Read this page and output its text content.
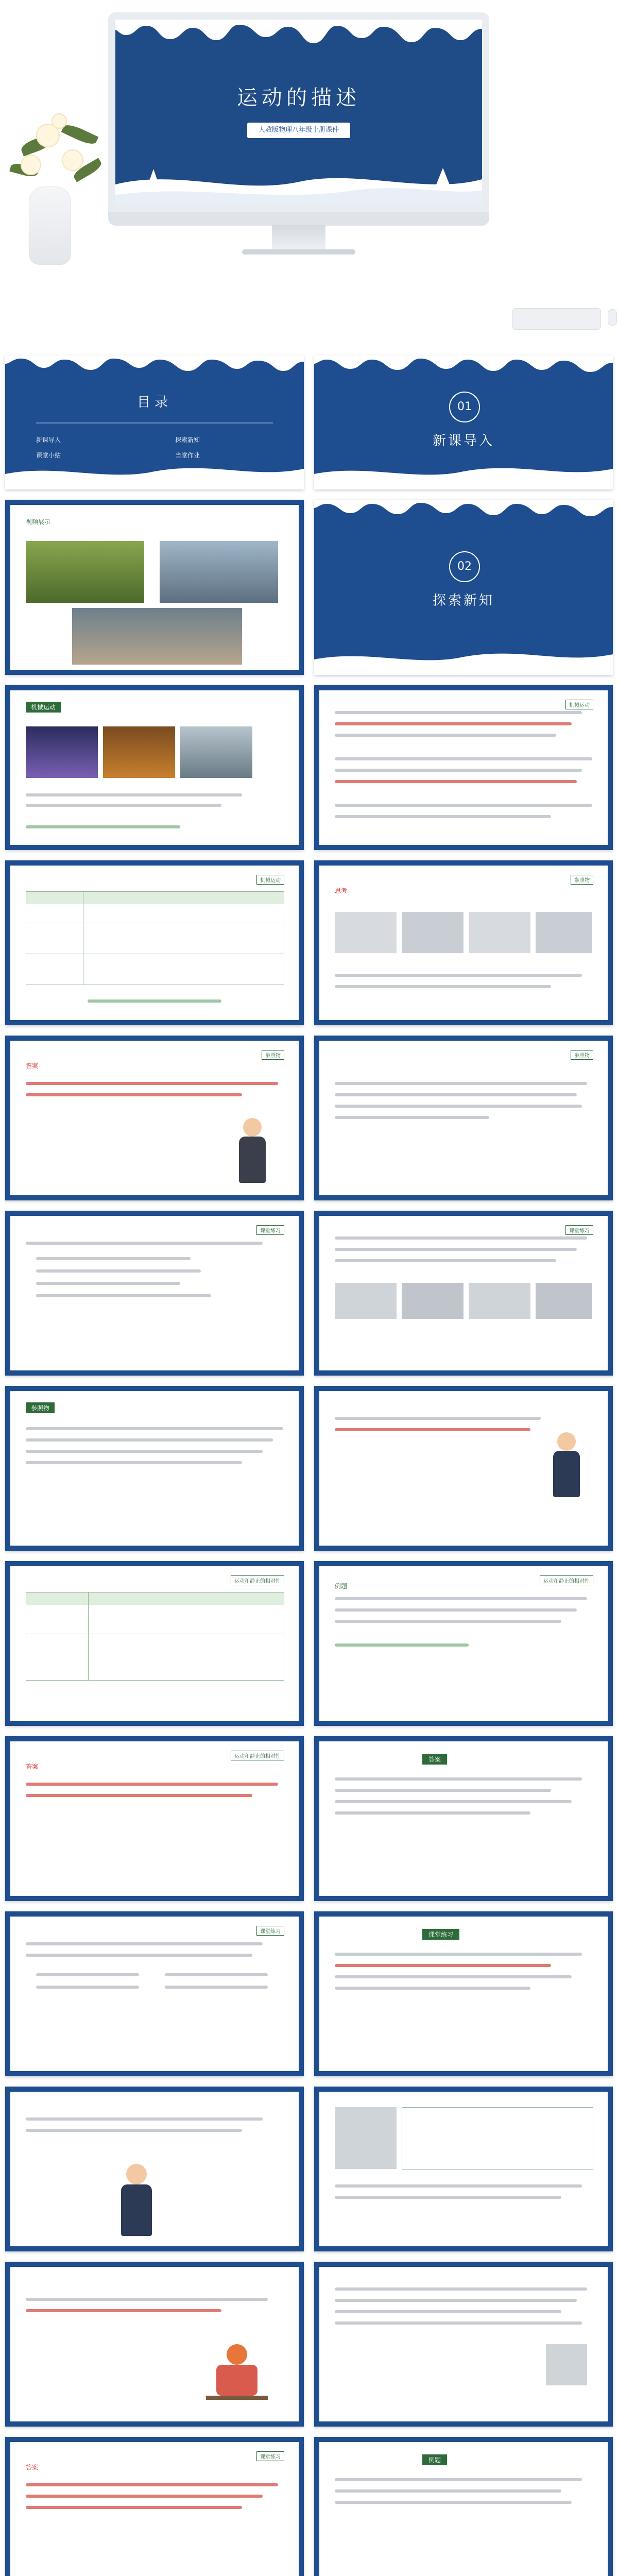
运动的描述
人教版物理八年级上册课件
目录
新课导入	探索新知
课堂小结	当堂作业
01
新课导入
视频展示
02
探索新知
机械运动	机械运动
机械运动	参照物
思考
参照物
答案
参照物
课堂练习	课堂练习
参照物
运动和静止的相对性	运动和静止的相对性
例题
运动和静止的相对性
答案
答案
课堂练习	课堂练习
课堂练习
答案
例题
